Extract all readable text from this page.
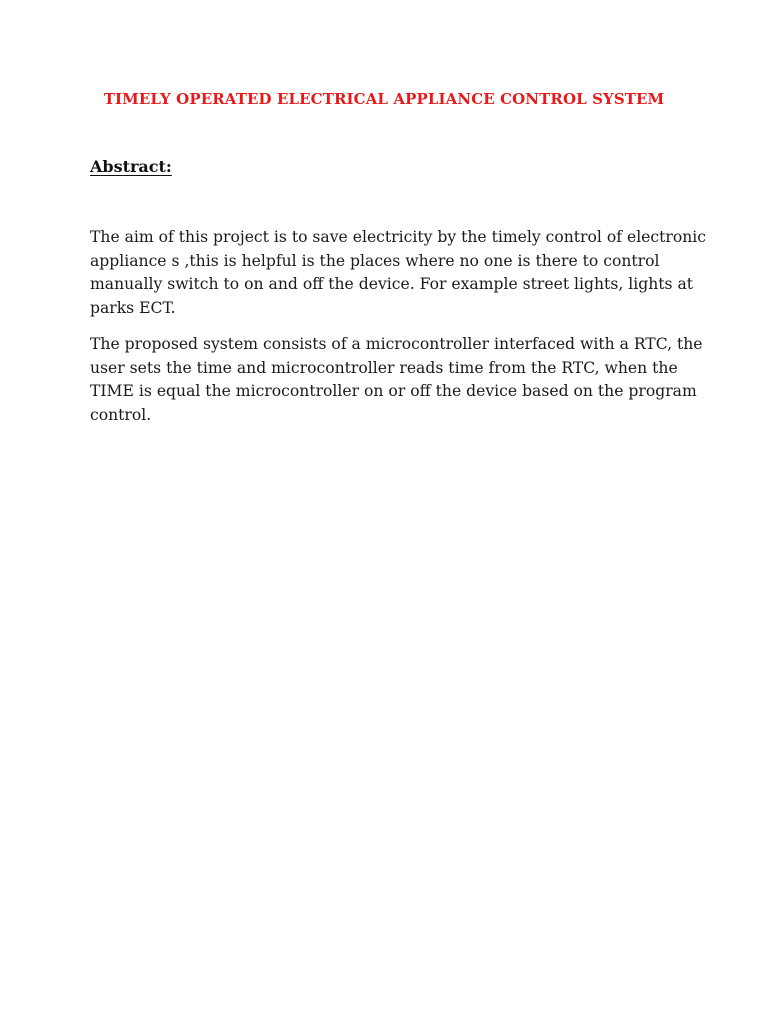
TIMELY OPERATED ELECTRICAL APPLIANCE CONTROL SYSTEM
Abstract:

The aim of this project is to save electricity by the timely control of electronic
appliance s ,this is helpful is the places where no one is there to control
manually switch to on and off the device. For example street lights, lights at
parks ECT.

The proposed system consists of a microcontroller interfaced with a RTC, the
user sets the time and microcontroller reads time from the RTC, when the
TIME is equal the microcontroller on or off the device based on the program
control.
